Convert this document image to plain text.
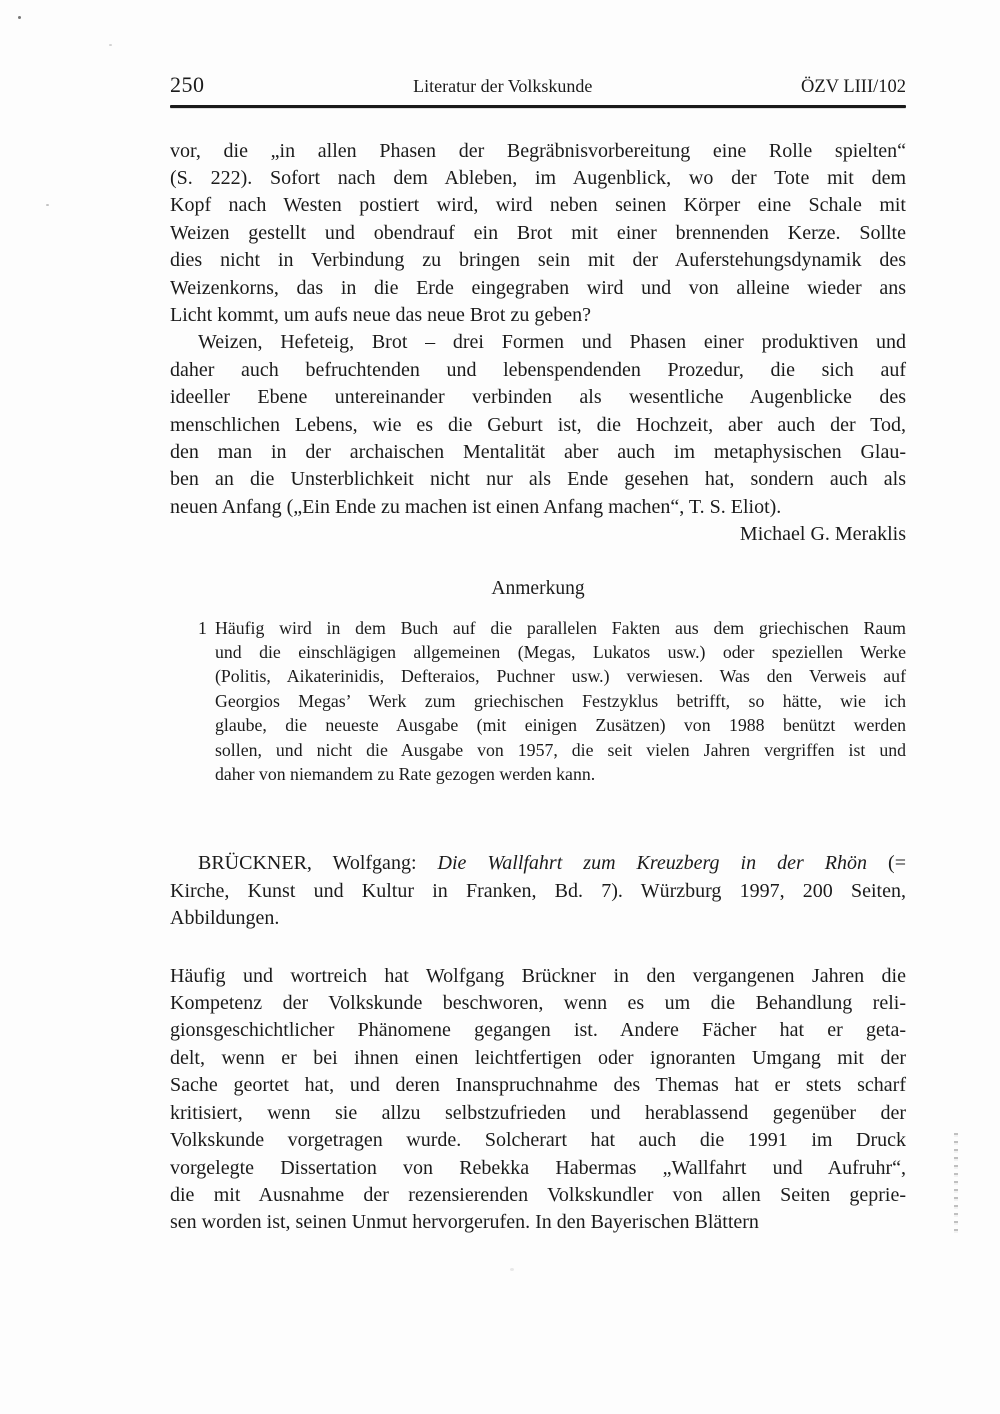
250	Literatur der Volkskunde	ÖZV LIII/102
vor, die „in allen Phasen der Begräbnisvorbereitung eine Rolle spielten“
(S. 222). Sofort nach dem Ableben, im Augenblick, wo der Tote mit dem
Kopf nach Westen postiert wird, wird neben seinen Körper eine Schale mit
Weizen gestellt und obendrauf ein Brot mit einer brennenden Kerze. Sollte
dies nicht in Verbindung zu bringen sein mit der Auferstehungsdynamik des
Weizenkorns, das in die Erde eingegraben wird und von alleine wieder ans
Licht kommt, um aufs neue das neue Brot zu geben?
Weizen, Hefeteig, Brot – drei Formen und Phasen einer produktiven und
daher auch befruchtenden und lebenspendenden Prozedur, die sich auf
ideeller Ebene untereinander verbinden als wesentliche Augenblicke des
menschlichen Lebens, wie es die Geburt ist, die Hochzeit, aber auch der Tod,
den man in der archaischen Mentalität aber auch im metaphysischen Glau-
ben an die Unsterblichkeit nicht nur als Ende gesehen hat, sondern auch als
neuen Anfang („Ein Ende zu machen ist einen Anfang machen“, T. S. Eliot).
Michael G. Meraklis
Anmerkung
1 Häufig wird in dem Buch auf die parallelen Fakten aus dem griechischen Raum
und die einschlägigen allgemeinen (Megas, Lukatos usw.) oder speziellen Werke
(Politis, Aikaterinidis, Defteraios, Puchner usw.) verwiesen. Was den Verweis auf
Georgios Megas’ Werk zum griechischen Festzyklus betrifft, so hätte, wie ich
glaube, die neueste Ausgabe (mit einigen Zusätzen) von 1988 benützt werden
sollen, und nicht die Ausgabe von 1957, die seit vielen Jahren vergriffen ist und
daher von niemandem zu Rate gezogen werden kann.
BRÜCKNER, Wolfgang: Die Wallfahrt zum Kreuzberg in der Rhön (=
Kirche, Kunst und Kultur in Franken, Bd. 7). Würzburg 1997, 200 Seiten,
Abbildungen.
Häufig und wortreich hat Wolfgang Brückner in den vergangenen Jahren die
Kompetenz der Volkskunde beschworen, wenn es um die Behandlung reli-
gionsgeschichtlicher Phänomene gegangen ist. Andere Fächer hat er geta-
delt, wenn er bei ihnen einen leichtfertigen oder ignoranten Umgang mit der
Sache geortet hat, und deren Inanspruchnahme des Themas hat er stets scharf
kritisiert, wenn sie allzu selbstzufrieden und herablassend gegenüber der
Volkskunde vorgetragen wurde. Solcherart hat auch die 1991 im Druck
vorgelegte Dissertation von Rebekka Habermas „Wallfahrt und Aufruhr“,
die mit Ausnahme der rezensierenden Volkskundler von allen Seiten geprie-
sen worden ist, seinen Unmut hervorgerufen. In den Bayerischen Blättern
